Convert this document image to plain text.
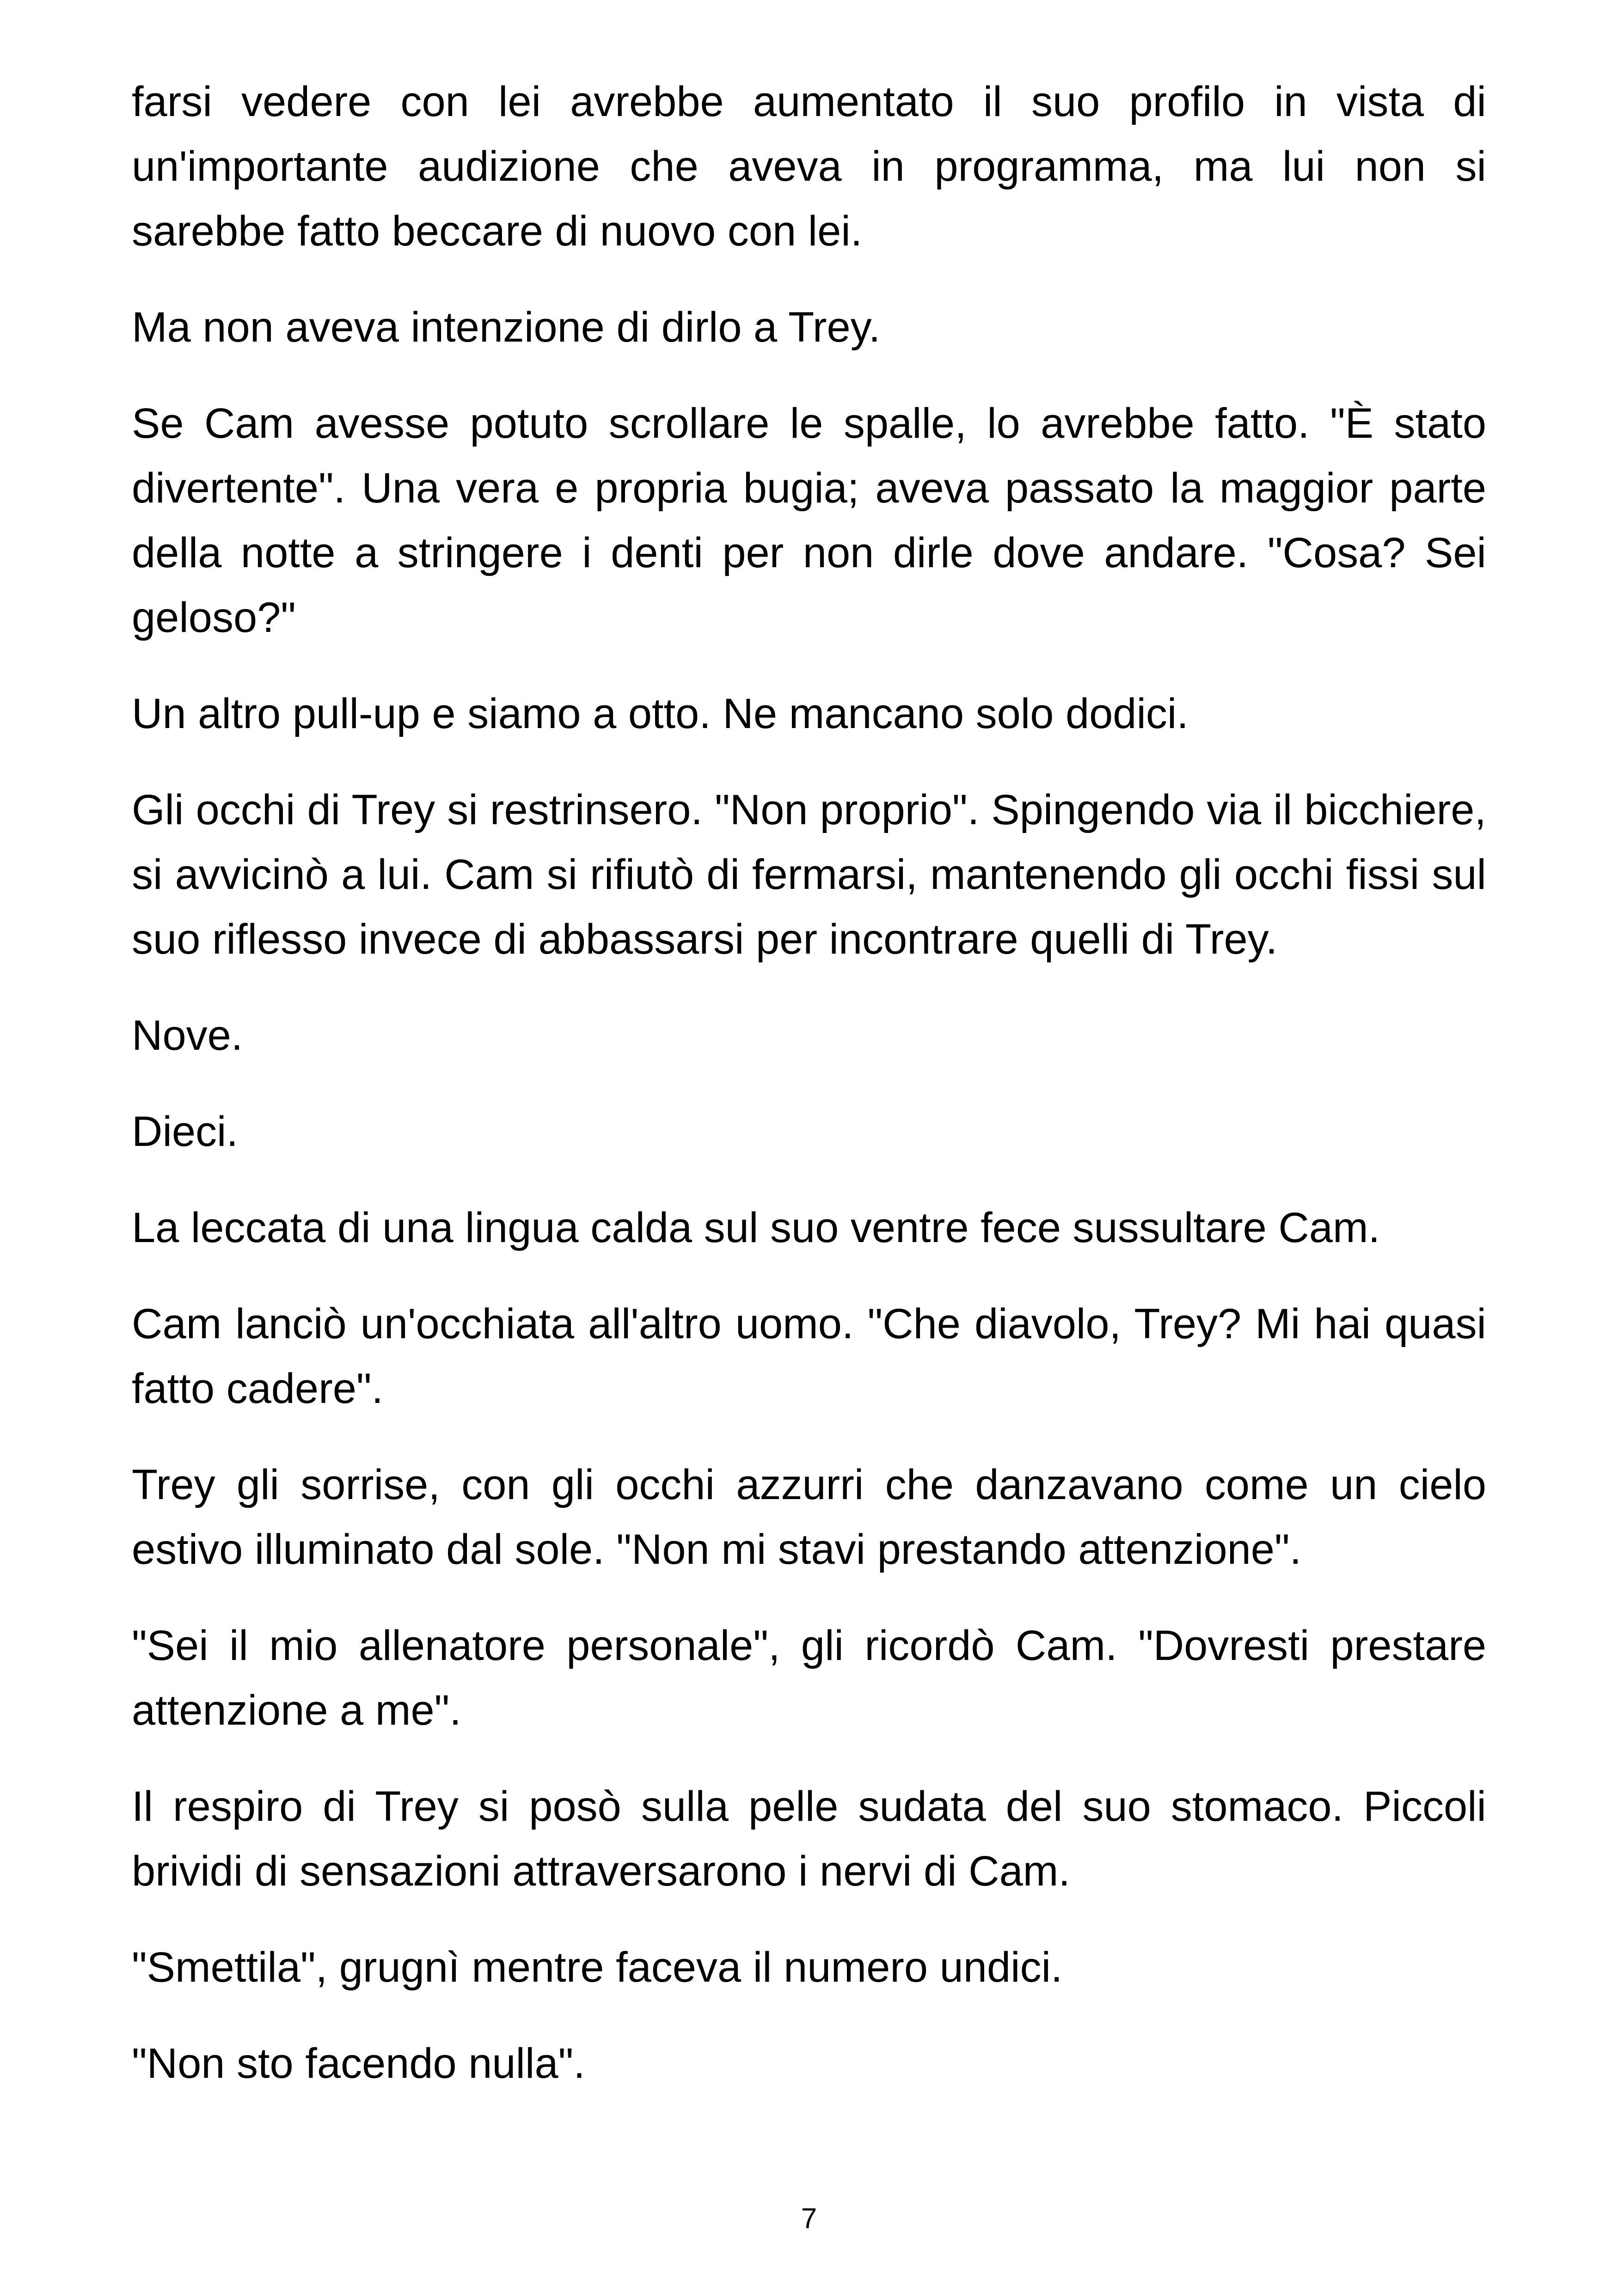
farsi vedere con lei avrebbe aumentato il suo profilo in vista di un'importante audizione che aveva in programma, ma lui non si sarebbe fatto beccare di nuovo con lei.

Ma non aveva intenzione di dirlo a Trey.

Se Cam avesse potuto scrollare le spalle, lo avrebbe fatto. "È stato divertente". Una vera e propria bugia; aveva passato la maggior parte della notte a stringere i denti per non dirle dove andare. "Cosa? Sei geloso?"

Un altro pull-up e siamo a otto. Ne mancano solo dodici.

Gli occhi di Trey si restrinsero. "Non proprio". Spingendo via il bicchiere, si avvicinò a lui. Cam si rifiutò di fermarsi, mantenendo gli occhi fissi sul suo riflesso invece di abbassarsi per incontrare quelli di Trey.

Nove.

Dieci.

La leccata di una lingua calda sul suo ventre fece sussultare Cam.

Cam lanciò un'occhiata all'altro uomo. "Che diavolo, Trey? Mi hai quasi fatto cadere".

Trey gli sorrise, con gli occhi azzurri che danzavano come un cielo estivo illuminato dal sole. "Non mi stavi prestando attenzione".

"Sei il mio allenatore personale", gli ricordò Cam. "Dovresti prestare attenzione a me".

Il respiro di Trey si posò sulla pelle sudata del suo stomaco. Piccoli brividi di sensazioni attraversarono i nervi di Cam.

"Smettila", grugnì mentre faceva il numero undici.

"Non sto facendo nulla".

7
